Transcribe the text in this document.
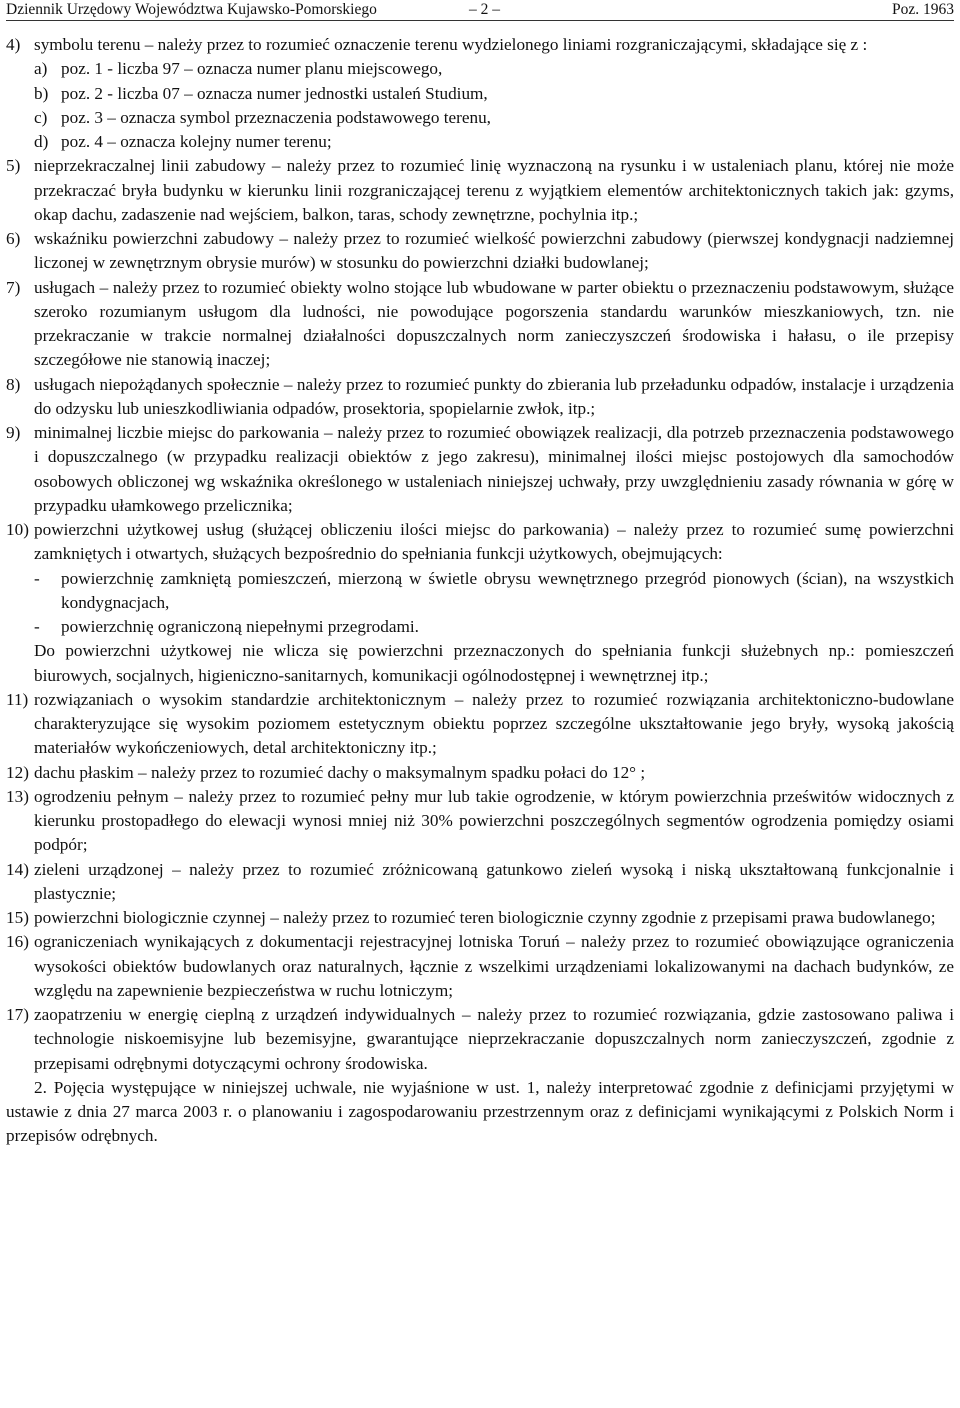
Dziennik Urzędowy Województwa Kujawsko-Pomorskiego	– 2 –	Poz. 1963
4) symbolu terenu – należy przez to rozumieć oznaczenie terenu wydzielonego liniami rozgraniczającymi, składające się z :
a) poz. 1 - liczba 97 – oznacza numer planu miejscowego,
b) poz. 2 - liczba 07 – oznacza numer jednostki ustaleń Studium,
c) poz. 3 – oznacza symbol przeznaczenia podstawowego terenu,
d) poz. 4 – oznacza kolejny numer terenu;
5) nieprzekraczalnej linii zabudowy – należy przez to rozumieć linię wyznaczoną na rysunku i w ustaleniach planu, której nie może przekraczać bryła budynku w kierunku linii rozgraniczającej terenu z wyjątkiem elementów architektonicznych takich jak: gzyms, okap dachu, zadaszenie nad wejściem, balkon, taras, schody zewnętrzne, pochylnia itp.;
6) wskaźniku powierzchni zabudowy – należy przez to rozumieć wielkość powierzchni zabudowy (pierwszej kondygnacji nadziemnej liczonej w zewnętrznym obrysie murów) w stosunku do powierzchni działki budowlanej;
7) usługach – należy przez to rozumieć obiekty wolno stojące lub wbudowane w parter obiektu o przeznaczeniu podstawowym, służące szeroko rozumianym usługom dla ludności, nie powodujące pogorszenia standardu warunków mieszkaniowych, tzn. nie przekraczanie w trakcie normalnej działalności dopuszczalnych norm zanieczyszczeń środowiska i hałasu, o ile przepisy szczegółowe nie stanowią inaczej;
8) usługach niepożądanych społecznie – należy przez to rozumieć punkty do zbierania lub przeładunku odpadów, instalacje i urządzenia do odzysku lub unieszkodliwiania odpadów, prosektoria, spopielarnie zwłok, itp.;
9) minimalnej liczbie miejsc do parkowania – należy przez to rozumieć obowiązek realizacji, dla potrzeb przeznaczenia podstawowego i dopuszczalnego (w przypadku realizacji obiektów z jego zakresu), minimalnej ilości miejsc postojowych dla samochodów osobowych obliczonej wg wskaźnika określonego w ustaleniach niniejszej uchwały, przy uwzględnieniu zasady równania w górę w przypadku ułamkowego przelicznika;
10) powierzchni użytkowej usług (służącej obliczeniu ilości miejsc do parkowania) – należy przez to rozumieć sumę powierzchni zamkniętych i otwartych, służących bezpośrednio do spełniania funkcji użytkowych, obejmujących:
-	powierzchnię zamkniętą pomieszczeń, mierzoną w świetle obrysu wewnętrznego przegród pionowych (ścian), na wszystkich kondygnacjach,
-	powierzchnię ograniczoną niepełnymi przegrodami.

Do powierzchni użytkowej nie wlicza się powierzchni przeznaczonych do spełniania funkcji służebnych np.: pomieszczeń biurowych, socjalnych, higieniczno-sanitarnych, komunikacji ogólnodostępnej i wewnętrznej itp.;

11) rozwiązaniach o wysokim standardzie architektonicznym – należy przez to rozumieć rozwiązania architektoniczno-budowlane charakteryzujące się wysokim poziomem estetycznym obiektu poprzez szczególne ukształtowanie jego bryły, wysoką jakością materiałów wykończeniowych, detal architektoniczny itp.;
12) dachu płaskim – należy przez to rozumieć dachy o maksymalnym spadku połaci do 12° ;
13) ogrodzeniu pełnym – należy przez to rozumieć pełny mur lub takie ogrodzenie, w którym powierzchnia prześwitów widocznych z kierunku prostopadłego do elewacji wynosi mniej niż 30% powierzchni poszczególnych segmentów ogrodzenia pomiędzy osiami podpór;
14) zieleni urządzonej – należy przez to rozumieć zróżnicowaną gatunkowo zieleń wysoką i niską ukształtowaną funkcjonalnie i plastycznie;
15) powierzchni biologicznie czynnej – należy przez to rozumieć teren biologicznie czynny zgodnie z przepisami prawa budowlanego;
16) ograniczeniach wynikających z dokumentacji rejestracyjnej lotniska Toruń – należy przez to rozumieć obowiązujące ograniczenia wysokości obiektów budowlanych oraz naturalnych, łącznie z wszelkimi urządzeniami lokalizowanymi na dachach budynków, ze względu na zapewnienie bezpieczeństwa w ruchu lotniczym;
17) zaopatrzeniu w energię cieplną z urządzeń indywidualnych – należy przez to rozumieć rozwiązania, gdzie zastosowano paliwa i technologie niskoemisyjne lub bezemisyjne, gwarantujące nieprzekraczanie dopuszczalnych norm zanieczyszczeń, zgodnie z przepisami odrębnymi dotyczącymi ochrony środowiska.

2. Pojęcia występujące w niniejszej uchwale, nie wyjaśnione w ust. 1, należy interpretować zgodnie z definicjami przyjętymi w ustawie z dnia 27 marca 2003 r. o planowaniu i zagospodarowaniu przestrzennym oraz z definicjami wynikającymi z Polskich Norm i przepisów odrębnych.
